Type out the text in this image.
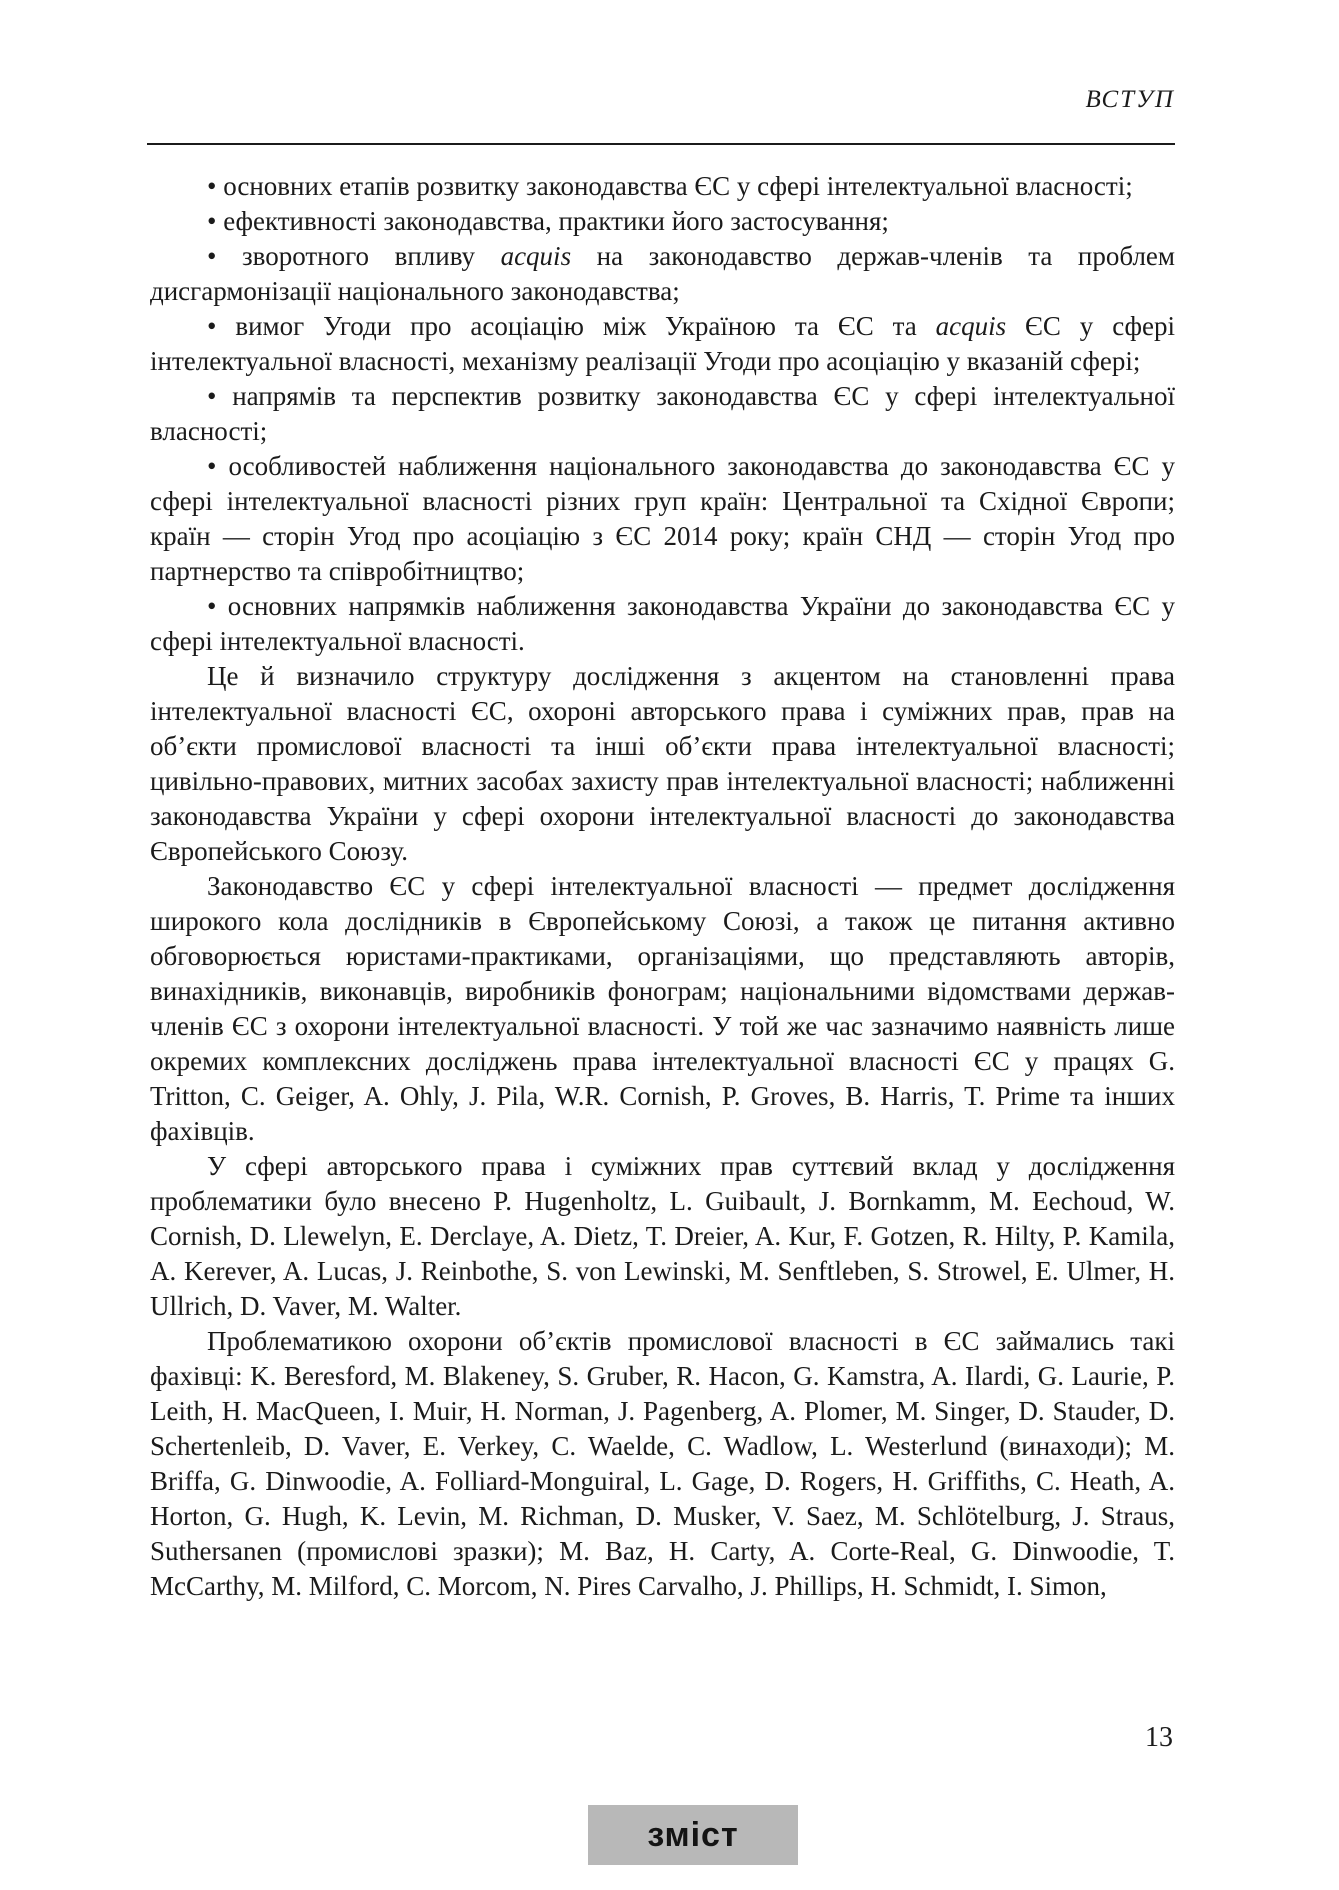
ВСТУП

• основних етапів розвитку законодавства ЄС у сфері інтелектуальної власності;

• ефективності законодавства, практики його застосування;

• зворотного впливу acquis на законодавство держав-членів та проблем дисгармонізації національного законодавства;

• вимог Угоди про асоціацію між Україною та ЄС та acquis ЄС у сфері інтелектуальної власності, механізму реалізації Угоди про асоціацію у вказаній сфері;

• напрямів та перспектив розвитку законодавства ЄС у сфері інтелектуальної власності;

• особливостей наближення національного законодавства до законодавства ЄС у сфері інтелектуальної власності різних груп країн: Центральної та Східної Європи; країн — сторін Угод про асоціацію з ЄС 2014 року; країн СНД — сторін Угод про партнерство та співробітництво;

• основних напрямків наближення законодавства України до законодавства ЄС у сфері інтелектуальної власності.

Це й визначило структуру дослідження з акцентом на становленні права інтелектуальної власності ЄС, охороні авторського права і суміжних прав, прав на об’єкти промислової власності та інші об’єкти права інтелектуальної власності; цивільно-правових, митних засобах захисту прав інтелектуальної власності; наближенні законодавства України у сфері охорони інтелектуальної власності до законодавства Європейського Союзу.

Законодавство ЄС у сфері інтелектуальної власності — предмет дослідження широкого кола дослідників в Європейському Союзі, а також це питання активно обговорюється юристами-практиками, організаціями, що представляють авторів, винахідників, виконавців, виробників фонограм; національними відомствами держав-членів ЄС з охорони інтелектуальної власності. У той же час зазначимо наявність лише окремих комплексних досліджень права інтелектуальної власності ЄС у працях G. Tritton, C. Geiger, A. Ohly, J. Pila, W.R. Cornish, P. Groves, B. Harris, T. Prime та інших фахівців.

У сфері авторського права і суміжних прав суттєвий вклад у дослідження проблематики було внесено P. Hugenholtz, L. Guibault, J. Bornkamm, M. Eechoud, W. Cornish, D. Llewelyn, E. Derclaye, A. Dietz, T. Dreier, A. Kur, F. Gotzen, R. Hilty, P. Kamila, A. Kerever, A. Lucas, J. Reinbothe, S. von Lewinski, M. Senftleben, S. Strowel, E. Ulmer, H. Ullrich, D. Vaver, M. Walter.

Проблематикою охорони об’єктів промислової власності в ЄС займались такі фахівці: K. Beresford, M. Blakeney, S. Gruber, R. Hacon, G. Kamstra, A. Ilardi, G. Laurie, P. Leith, H. MacQueen, I. Muir, H. Norman, J. Pagenberg, A. Plomer, M. Singer, D. Stauder, D. Schertenleib, D. Vaver, E. Verkey, C. Waelde, C. Wadlow, L. Westerlund (винаходи); M. Briffa, G. Dinwoodie, A. Folliard-Monguiral, L. Gage, D. Rogers, H. Griffiths, C. Heath, A. Horton, G. Hugh, K. Levin, M. Richman, D. Musker, V. Saez, M. Schlötelburg, J. Straus, Suthersanen (промислові зразки); M. Baz, H. Carty, A. Corte-Real, G. Dinwoodie, T. McCarthy, M. Milford, C. Morcom, N. Pires Carvalho, J. Phillips, H. Schmidt, I. Simon,

13
зміст
